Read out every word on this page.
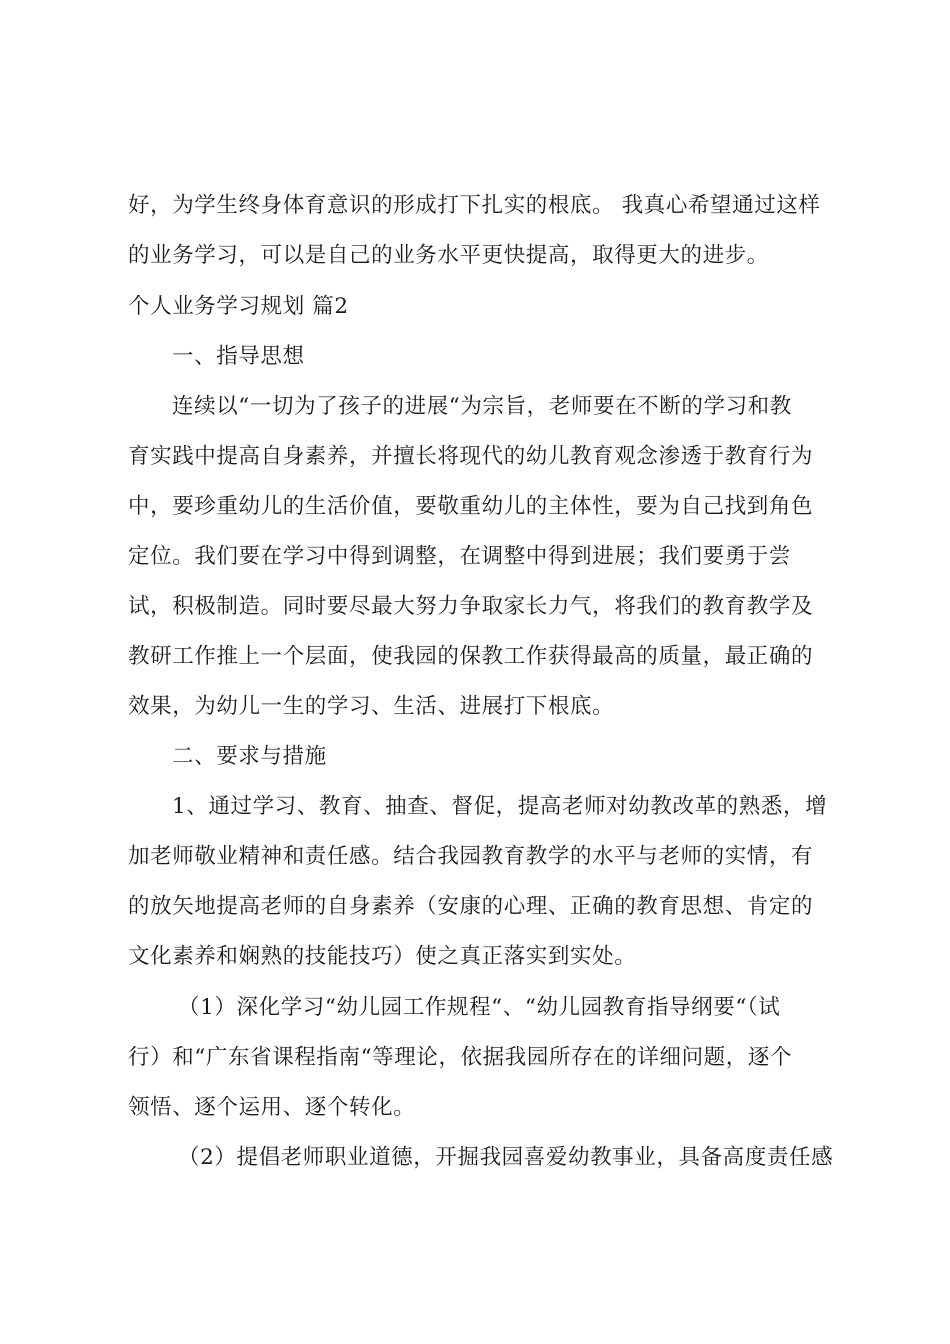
好，为学生终身体育意识的形成打下扎实的根底。 我真心希望通过这样
的业务学习，可以是自己的业务水平更快提高，取得更大的进步。
个人业务学习规划 篇2
一、指导思想
连续以“一切为了孩子的进展“为宗旨，老师要在不断的学习和教
育实践中提高自身素养，并擅长将现代的幼儿教育观念渗透于教育行为
中，要珍重幼儿的生活价值，要敬重幼儿的主体性，要为自己找到角色
定位。我们要在学习中得到调整，在调整中得到进展；我们要勇于尝
试，积极制造。同时要尽最大努力争取家长力气，将我们的教育教学及
教研工作推上一个层面，使我园的保教工作获得最高的质量，最正确的
效果，为幼儿一生的学习、生活、进展打下根底。
二、要求与措施
1、通过学习、教育、抽查、督促，提高老师对幼教改革的熟悉，增
加老师敬业精神和责任感。结合我园教育教学的水平与老师的实情，有
的放矢地提高老师的自身素养（安康的心理、正确的教育思想、肯定的
文化素养和娴熟的技能技巧）使之真正落实到实处。
（1）深化学习“幼儿园工作规程“、“幼儿园教育指导纲要“（试
行）和“广东省课程指南“等理论，依据我园所存在的详细问题，逐个
领悟、逐个运用、逐个转化。
（2）提倡老师职业道德，开掘我园喜爱幼教事业，具备高度责任感
